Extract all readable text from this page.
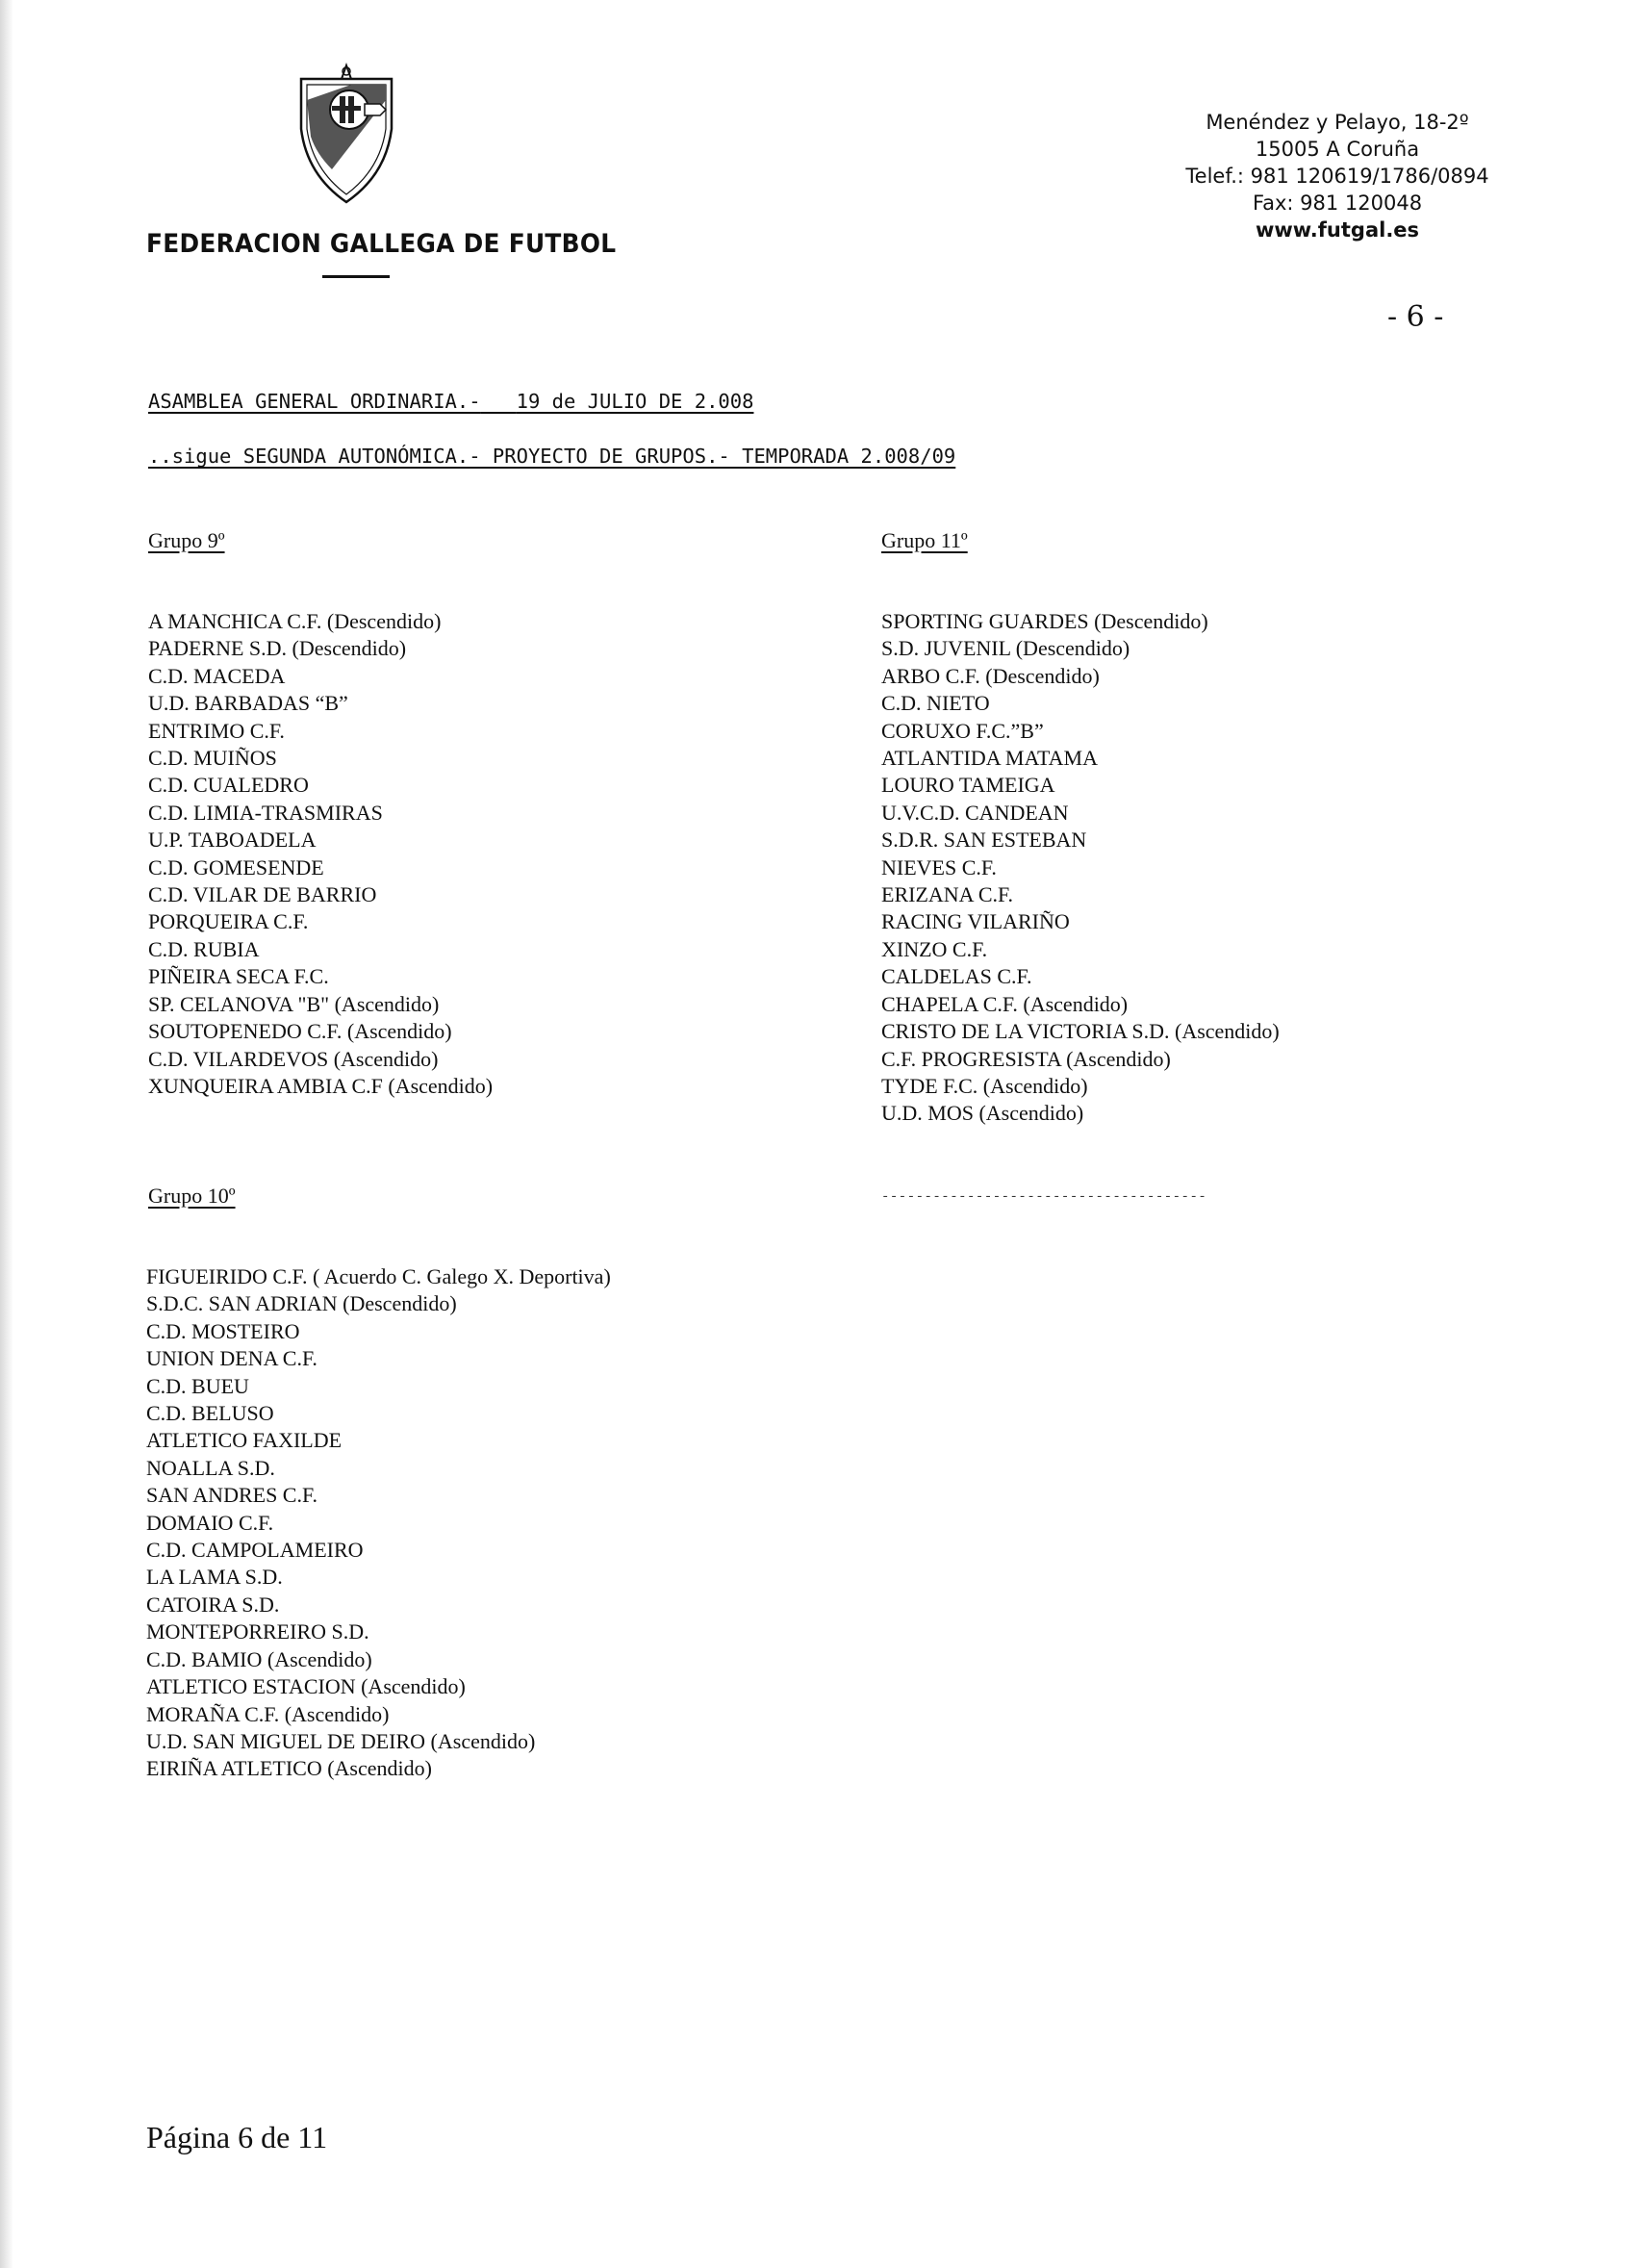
FEDERACION GALLEGA DE FUTBOL
Menéndez y Pelayo, 18-2º
15005 A Coruña
Telef.: 981 120619/1786/0894
Fax: 981 120048
www.futgal.es
- 6 -
ASAMBLEA GENERAL ORDINARIA.- 19 de JULIO DE 2.008
..sigue SEGUNDA AUTONÓMICA.- PROYECTO DE GRUPOS.- TEMPORADA 2.008/09
Grupo 9º
A MANCHICA C.F. (Descendido)
PADERNE S.D. (Descendido)
C.D. MACEDA
U.D. BARBADAS “B”
ENTRIMO C.F.
C.D. MUIÑOS
C.D. CUALEDRO
C.D. LIMIA-TRASMIRAS
U.P. TABOADELA
C.D. GOMESENDE
C.D. VILAR DE BARRIO
PORQUEIRA C.F.
C.D. RUBIA
PIÑEIRA SECA F.C.
SP. CELANOVA "B" (Ascendido)
SOUTOPENEDO C.F. (Ascendido)
C.D. VILARDEVOS (Ascendido)
XUNQUEIRA AMBIA C.F (Ascendido)
Grupo 11º
SPORTING GUARDES (Descendido)
S.D. JUVENIL (Descendido)
ARBO C.F. (Descendido)
C.D. NIETO
CORUXO F.C.”B”
ATLANTIDA MATAMA
LOURO TAMEIGA
U.V.C.D. CANDEAN
S.D.R. SAN ESTEBAN
NIEVES C.F.
ERIZANA C.F.
RACING VILARIÑO
XINZO C.F.
CALDELAS C.F.
CHAPELA C.F. (Ascendido)
CRISTO DE LA VICTORIA S.D. (Ascendido)
C.F. PROGRESISTA (Ascendido)
TYDE F.C. (Ascendido)
U.D. MOS (Ascendido)
Grupo 10º
FIGUEIRIDO C.F. ( Acuerdo C. Galego X. Deportiva)
S.D.C. SAN ADRIAN (Descendido)
C.D. MOSTEIRO
UNION DENA C.F.
C.D. BUEU
C.D. BELUSO
ATLETICO FAXILDE
NOALLA S.D.
SAN ANDRES C.F.
DOMAIO C.F.
C.D. CAMPOLAMEIRO
LA LAMA S.D.
CATOIRA S.D.
MONTEPORREIRO S.D.
C.D. BAMIO (Ascendido)
ATLETICO ESTACION (Ascendido)
MORAÑA C.F. (Ascendido)
U.D. SAN MIGUEL DE DEIRO (Ascendido)
EIRIÑA ATLETICO (Ascendido)
--------------------------------------
Página 6 de 11
